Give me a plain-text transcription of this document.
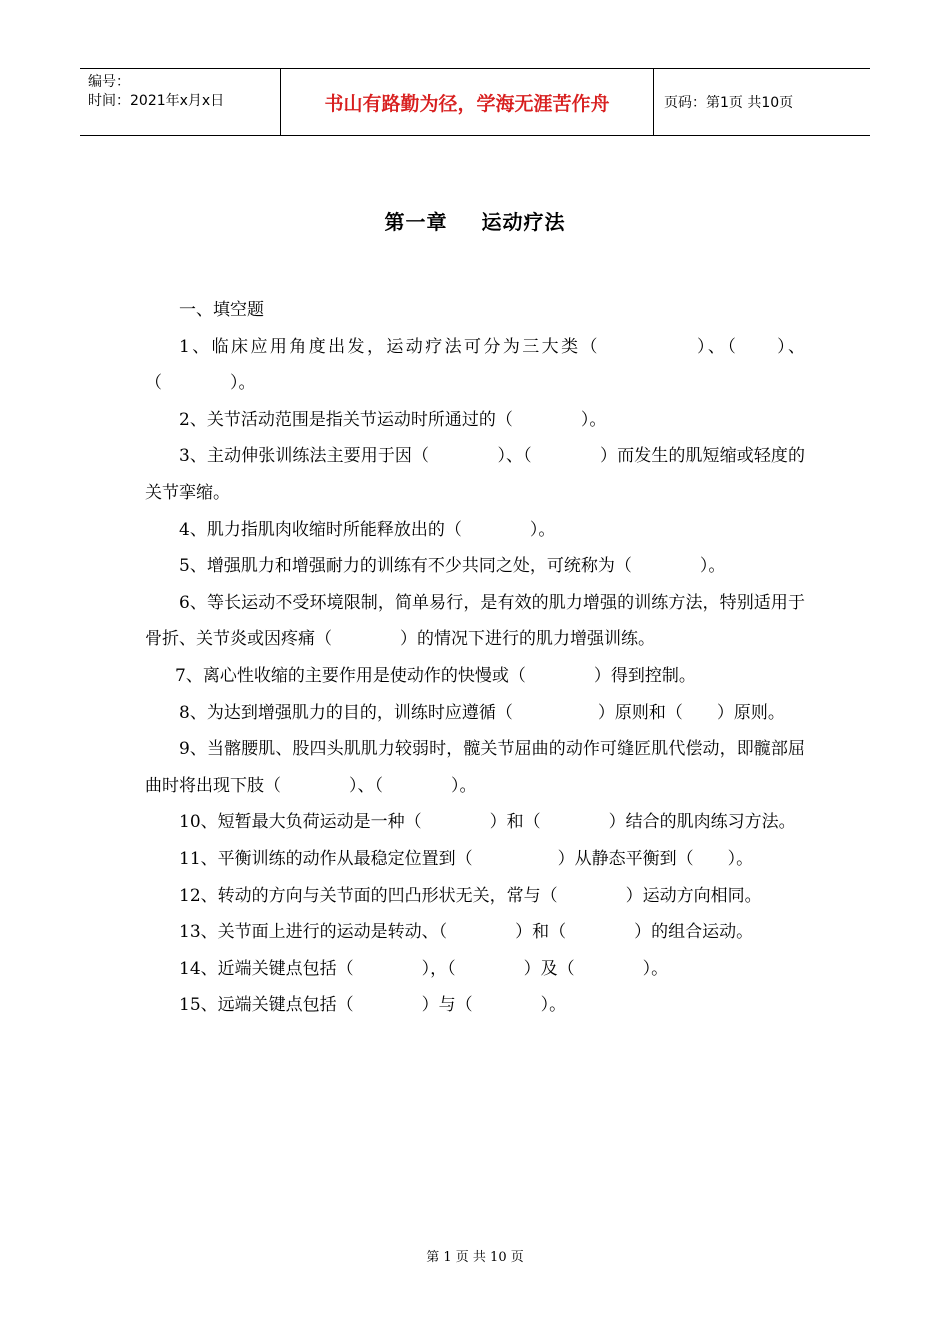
编号：
时间：2021年x月x日	书山有路勤为径，学海无涯苦作舟	页码：第1页 共10页
第一章 运动疗法

一、填空题

1、临床应用角度出发，运动疗法可分为三大类（　　　　　）、（　　）、（　　　　）。

2、关节活动范围是指关节运动时所通过的（　　　　）。

3、主动伸张训练法主要用于因（　　　　）、（　　　　）而发生的肌短缩或轻度的关节挛缩。

4、肌力指肌肉收缩时所能释放出的（　　　　）。

5、增强肌力和增强耐力的训练有不少共同之处，可统称为（　　　　）。

6、等长运动不受环境限制，简单易行，是有效的肌力增强的训练方法，特别适用于骨折、关节炎或因疼痛（　　　　）的情况下进行的肌力增强训练。

7、离心性收缩的主要作用是使动作的快慢或（　　　　）得到控制。

8、为达到增强肌力的目的，训练时应遵循（　　　　　）原则和（　　）原则。

9、当髂腰肌、股四头肌肌力较弱时，髋关节屈曲的动作可缝匠肌代偿动，即髋部屈曲时将出现下肢（　　　　）、（　　　　）。

10、短暂最大负荷运动是一种（　　　　）和（　　　　）结合的肌肉练习方法。

11、平衡训练的动作从最稳定位置到（　　　　　）从静态平衡到（　　）。

12、转动的方向与关节面的凹凸形状无关，常与（　　　　）运动方向相同。

13、关节面上进行的运动是转动、（　　　　）和（　　　　）的组合运动。

14、近端关键点包括（　　　　），（　　　　）及（　　　　）。

15、远端关键点包括（　　　　）与（　　　　）。

第 1 页 共 10 页
